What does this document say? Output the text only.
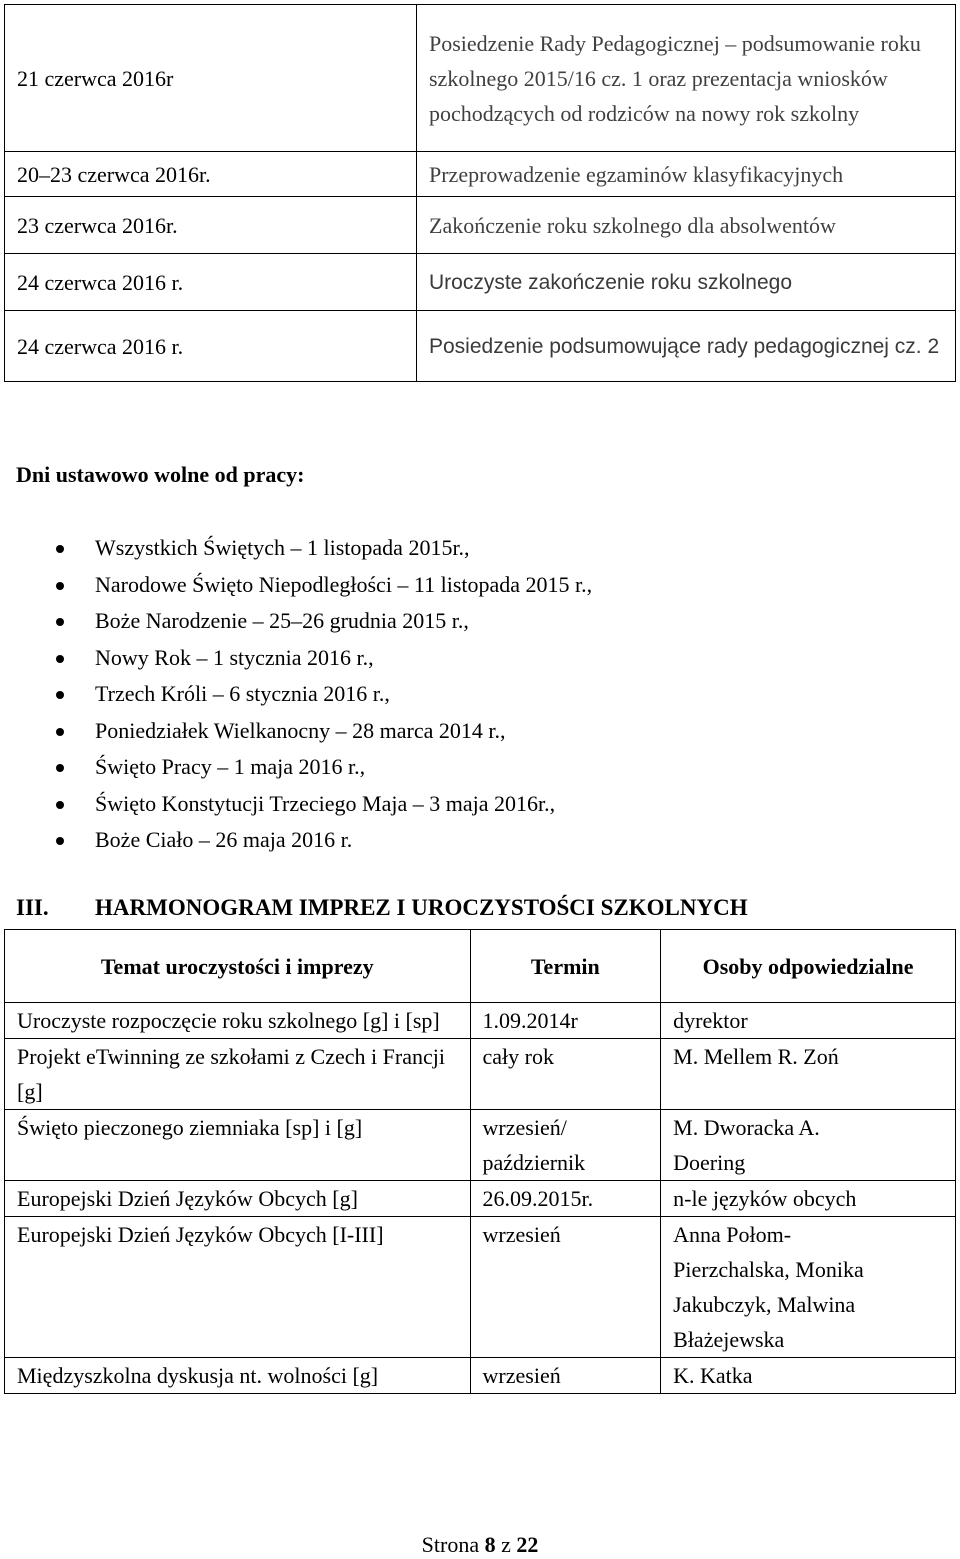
21 czerwca 2016r	Posiedzenie Rady Pedagogicznej – podsumowanie roku szkolnego 2015/16 cz. 1 oraz prezentacja wniosków pochodzących od rodziców na nowy rok szkolny
20–23 czerwca 2016r.	Przeprowadzenie egzaminów klasyfikacyjnych
23 czerwca 2016r.	Zakończenie roku szkolnego dla absolwentów
24 czerwca 2016 r.	Uroczyste zakończenie roku szkolnego
24 czerwca 2016 r.	Posiedzenie podsumowujące rady pedagogicznej cz. 2
Dni ustawowo wolne od pracy:
Wszystkich Świętych – 1 listopada 2015r.,
Narodowe Święto Niepodległości – 11 listopada 2015 r.,
Boże Narodzenie – 25–26 grudnia 2015 r.,
Nowy Rok – 1 stycznia 2016 r.,
Trzech Króli – 6 stycznia 2016 r.,
Poniedziałek Wielkanocny – 28 marca 2014 r.,
Święto Pracy – 1 maja 2016 r.,
Święto Konstytucji Trzeciego Maja – 3 maja 2016r.,
Boże Ciało – 26 maja 2016 r.
III. HARMONOGRAM IMPREZ I UROCZYSTOŚCI SZKOLNYCH
Temat uroczystości i imprezy	Termin	Osoby odpowiedzialne
Uroczyste rozpoczęcie roku szkolnego [g] i [sp]	1.09.2014r	dyrektor
Projekt eTwinning ze szkołami z Czech i Francji [g]	cały rok	M. Mellem R. Zoń
Święto pieczonego ziemniaka [sp] i [g]	wrzesień/ październik	M. Dworacka A. Doering
Europejski Dzień Języków Obcych [g]	26.09.2015r.	n-le języków obcych
Europejski Dzień Języków Obcych [I-III]	wrzesień	Anna Połom-Pierzchalska, Monika Jakubczyk, Malwina Błażejewska
Międzyszkolna dyskusja nt. wolności [g]	wrzesień	K. Katka
Strona 8 z 22
